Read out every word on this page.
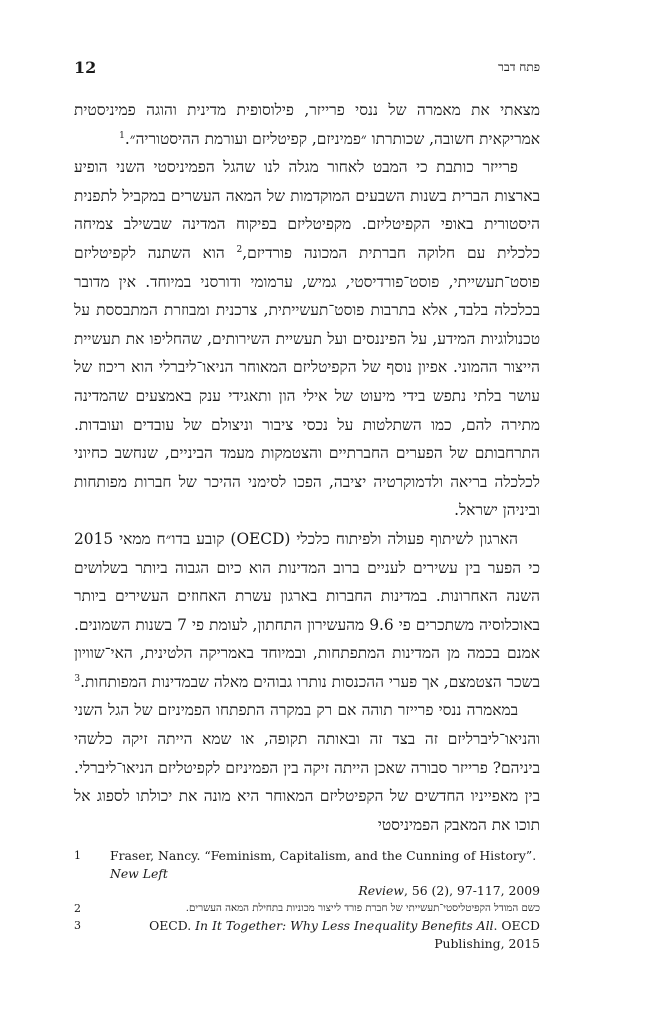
12	פתח דבר

מצאתי את מאמרה של ננסי פרייזר, פילוסופית מדינית והוגה פמיניסטית אמריקאית חשובה, שכותרתו ״פמיניזם, קפיטליזם ועורמת ההיסטוריה״.$^1$

פרייזר כותבת כי המבט לאחור מגלה לנו שהגל הפמיניסטי השני הופיע בארצות הברית בשנות השבעים המוקדמות של המאה העשרים במקביל לתפנית היסטורית באופי הקפיטליזם. מקפיטליזם בפיקוח המדינה שבשילב צמיחה כלכלית עם חלוקה חברתית המכונה פורדיזם,$^2$ הוא השתנה לקפיטליזם פוסט־תעשייתי, פוסט־פורדיסטי, גמיש, ערמומי ודורסני במיוחד. אין מדובר בכלכלה בלבד, אלא בתרבות פוסט־תעשייתית, צרכנית ומבוזרת המתבססת על טכנולוגיות המידע, על הפיננסים ועל תעשיית השירותים, שהחליפו את תעשיית הייצור ההמוני. אפיון נוסף של הקפיטליזם המאוחר הניאו־ליברלי הוא ריכוז של עושר בלתי נתפש בידי מיעוט של אילי הון ותאגידי ענק באמצעים שהמדינה מתירה להם, כמו השתלטות על נכסי ציבור וניצולם של עובדים ועובדות. התרחבותם של הפערים החברתיים והצטמקות מעמד הביניים, שנחשב כחיוני לכלכלה בריאה ולדמוקרטיה יציבה, הפכו לסימני ההיכר של חברות מפותחות וביניהן ישראל.

הארגון לשיתוף פעולה ולפיתוח כלכלי (OECD) קובע בדו״ח ממאי 2015 כי הפער בין עשירים לעניים ברוב המדינות הוא כיום הגבוה ביותר בשלושים השנה האחרונות. במדינות החברות בארגון עשרת האחוזים העשירים ביותר באוכלוסיה משתכרים פי 9.6 מהעשירון התחתון, לעומת פי 7 בשנות השמונים. אמנם בכמה מן המדינות המתפתחות, ובמיוחד באמריקה הלטינית, האי־שוויון בשכר הצטמצם, אך פערי ההכנסות נותרו גבוהים מאלה שבמדינות המפותחות.$^3$

במאמרה ננסי פרייזר תוהה אם רק במקרה התפתחו הפמיניזם של הגל השני והניאו־ליברליזם זה בצד זה ובאותה תקופה, או שמא הייתה זיקה כלשהי ביניהם? פרייזר סבורה שאכן הייתה זיקה בין הפמיניזם לקפיטליזם הניאו־ליברלי. בין מאפייניו החדשים של הקפיטליזם המאוחר היא מונה את יכולתו לספוג אל תוכו את המאבק הפמיניסטי

1 Fraser, Nancy. “Feminism, Capitalism, and the Cunning of History”. New Left
Review, 56 (2), 97-117, 2009
2	כשם המודל הקפיטליסטי־תעשייתי של חברת פורד לייצור מכוניות בתחילת המאה העשרים.
3	OECD. In It Together: Why Less Inequality Benefits All. OECD Publishing, 2015
